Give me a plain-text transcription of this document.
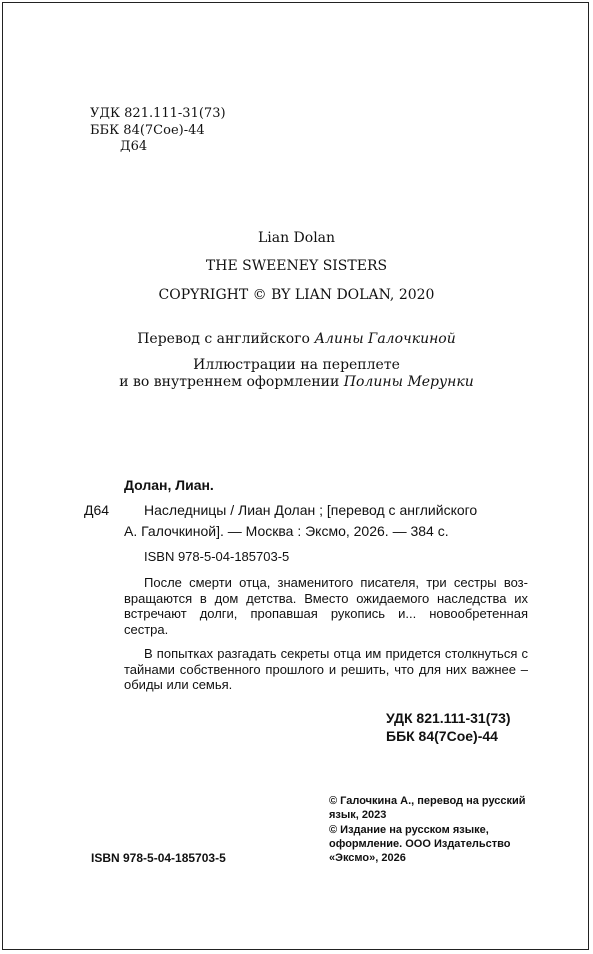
УДК 821.111-31(73)
ББК 84(7Сое)-44
Д64
Lian Dolan
THE SWEENEY SISTERS
COPYRIGHT © BY LIAN DOLAN, 2020
Перевод с английского Алины Галочкиной
Иллюстрации на переплете
и во внутреннем оформлении Полины Мерунки
Долан, Лиан.
Д64 Наследницы / Лиан Долан ; [перевод с английского
А. Галочкиной]. — Москва : Эксмо, 2026. — 384 с.
ISBN 978-5-04-185703-5
После смерти отца, знаменитого писателя, три сестры возвращаются в дом детства. Вместо ожидаемого наследства их встречают долги, пропавшая рукопись и... новообретенная сестра.
В попытках разгадать секреты отца им придется столкнуться с тайнами собственного прошлого и решить, что для них важнее – обиды или семья.
УДК 821.111-31(73)
ББК 84(7Сое)-44
ISBN 978-5-04-185703-5
© Галочкина А., перевод на русский язык, 2023
© Издание на русском языке, оформление. ООО Издательство «Эксмо», 2026
